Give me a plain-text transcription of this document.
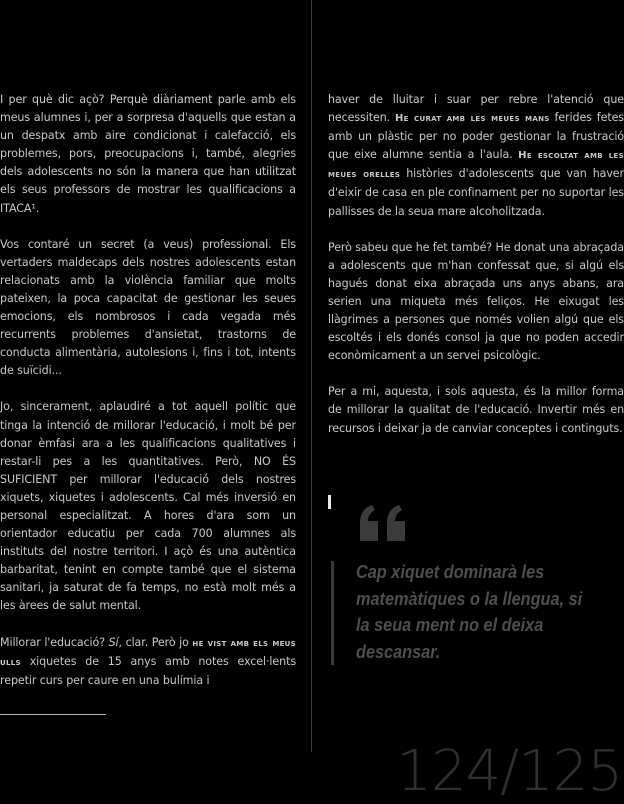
I per què dic açò? Perquè diàriament parle amb els meus alumnes i, per a sorpresa d'aquells que estan a un despatx amb aire condicionat i calefacció, els problemes, pors, preocupacions i, també, alegries dels adolescents no són la manera que han utilitzat els seus professors de mostrar les qualificacions a ITACA¹.

Vos contaré un secret (a veus) professional. Els vertaders maldecaps dels nostres adolescents estan relacionats amb la violència familiar que molts pateixen, la poca capacitat de gestionar les seues emocions, els nombrosos i cada vegada més recurrents problemes d'ansietat, trastorns de conducta alimentària, autolesions i, fins i tot, intents de suïcidi...

Jo, sincerament, aplaudiré a tot aquell polític que tinga la intenció de millorar l'educació, i molt bé per donar èmfasi ara a les qualificacions qualitatives i restar-li pes a les quantitatives. Però, NO ÉS SUFICIENT per millorar l'educació dels nostres xiquets, xiquetes i adolescents. Cal més inversió en personal especialitzat. A hores d'ara som un orientador educatiu per cada 700 alumnes als instituts del nostre territori. I açò és una autèntica barbaritat, tenint en compte també que el sistema sanitari, ja saturat de fa temps, no està molt més a les àrees de salut mental.

Millorar l'educació? Sí, clar. Però jo he vist amb els meus ulls xiquetes de 15 anys amb notes excel·lents repetir curs per caure en una bulímia i

haver de lluitar i suar per rebre l'atenció que necessiten. He curat amb les meues mans ferides fetes amb un plàstic per no poder gestionar la frustració que eixe alumne sentia a l'aula. He escoltat amb les meues orelles històries d'adolescents que van haver d'eixir de casa en ple confinament per no suportar les pallisses de la seua mare alcoholitzada.

Però sabeu que he fet també? He donat una abraçada a adolescents que m'han confessat que, si algú els hagués donat eixa abraçada uns anys abans, ara serien una miqueta més feliços. He eixugat les llàgrimes a persones que només volien algú que els escoltés i els donés consol ja que no poden accedir econòmicament a un servei psicològic.

Per a mi, aquesta, i sols aquesta, és la millor forma de millorar la qualitat de l'educació. Invertir més en recursos i deixar ja de canviar conceptes i continguts.

Cap xiquet dominarà les matemàtiques o la llengua, si la seua ment no el deixa descansar.
124/125
